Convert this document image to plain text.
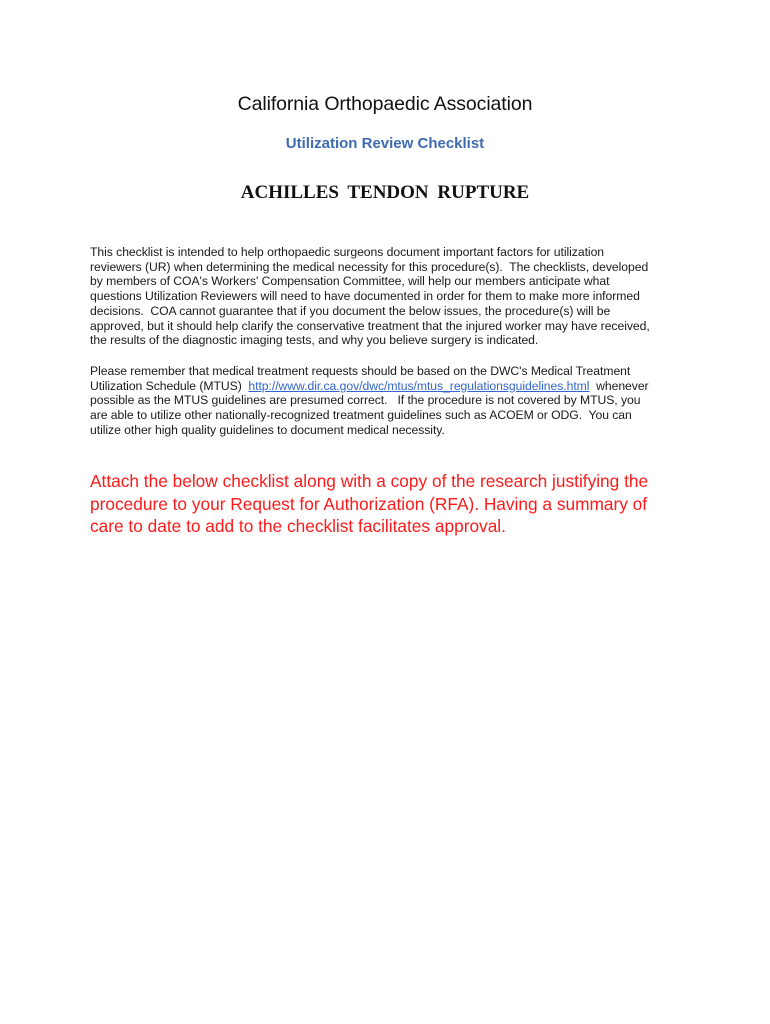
California Orthopaedic Association
Utilization Review Checklist
ACHILLES TENDON RUPTURE
This checklist is intended to help orthopaedic surgeons document important factors for utilization
reviewers (UR) when determining the medical necessity for this procedure(s).  The checklists, developed
by members of COA's Workers' Compensation Committee, will help our members anticipate what
questions Utilization Reviewers will need to have documented in order for them to make more informed
decisions.  COA cannot guarantee that if you document the below issues, the procedure(s) will be
approved, but it should help clarify the conservative treatment that the injured worker may have received,
the results of the diagnostic imaging tests, and why you believe surgery is indicated.
Please remember that medical treatment requests should be based on the DWC's Medical Treatment
Utilization Schedule (MTUS)  http://www.dir.ca.gov/dwc/mtus/mtus_regulationsguidelines.html  whenever
possible as the MTUS guidelines are presumed correct.   If the procedure is not covered by MTUS, you
are able to utilize other nationally-recognized treatment guidelines such as ACOEM or ODG.  You can
utilize other high quality guidelines to document medical necessity.
Attach the below checklist along with a copy of the research justifying the
procedure to your Request for Authorization (RFA). Having a summary of
care to date to add to the checklist facilitates approval.
